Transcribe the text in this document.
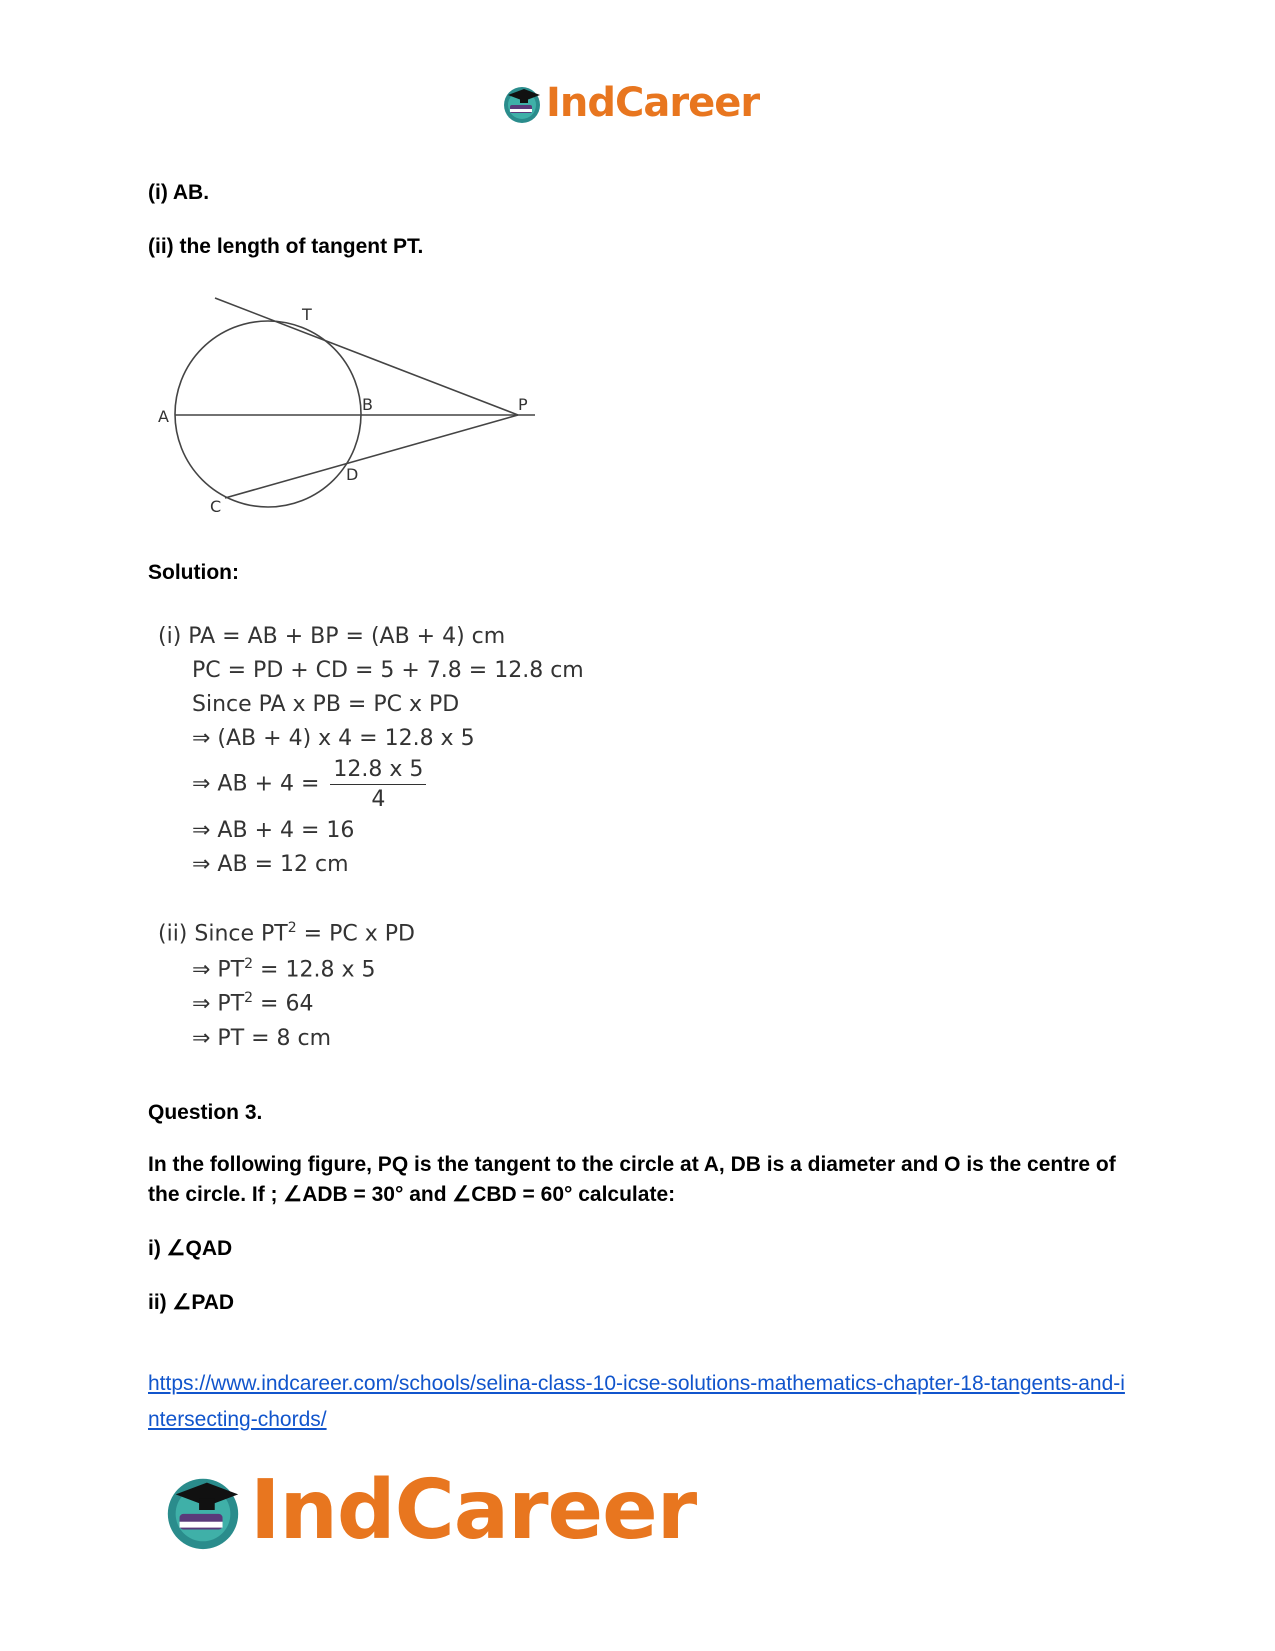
IndCareer
(i) AB.
(ii) the length of tangent PT.
T
A
B	P
D
C
Solution:
(i) PA = AB + BP = (AB + 4) cm
PC = PD + CD = 5 + 7.8 = 12.8 cm
Since PA x PB = PC x PD
⇒ (AB + 4) x 4 = 12.8 x 5
⇒ AB + $4 = \frac{12.8 x 5}{4}$
⇒ AB + 4 = 16
⇒ AB = 12 cm
(ii) Since $PT^2$ = PC x PD
⇒ $PT^2 = 12.8$ x 5
⇒ $PT^2 = 64$
⇒ PT = 8 cm
Question 3.
In the following figure, PQ is the tangent to the circle at A, DB is a diameter and O is the centre of the circle. If ; ∠ADB = 30° and ∠CBD = 60° calculate:
i) ∠QAD
ii) ∠PAD
https://www.indcareer.com/schools/selina-class-10-icse-solutions-mathematics-chapter-18-tangents-and-intersecting-chords/
IndCareer
